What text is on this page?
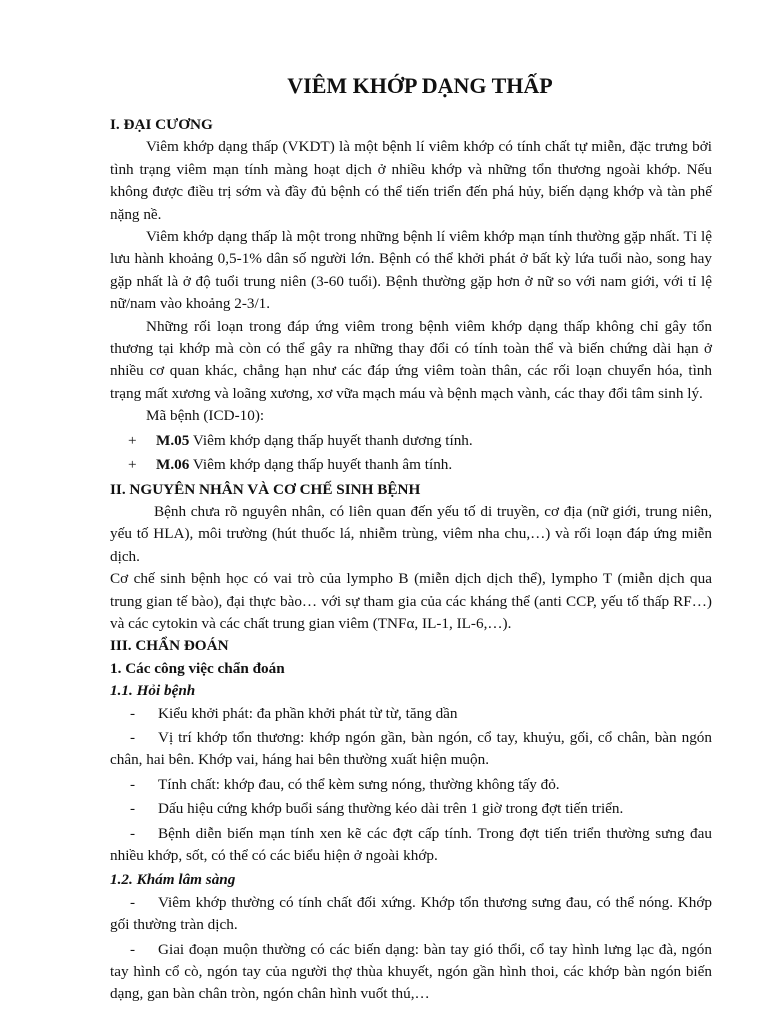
VIÊM KHỚP DẠNG THẤP
I. ĐẠI CƯƠNG

Viêm khớp dạng thấp (VKDT) là một bệnh lí viêm khớp có tính chất tự miễn, đặc trưng bởi tình trạng viêm mạn tính màng hoạt dịch ở nhiều khớp và những tổn thương ngoài khớp. Nếu không được điều trị sớm và đầy đủ bệnh có thể tiến triển đến phá hủy, biến dạng khớp và tàn phế nặng nề.

Viêm khớp dạng thấp là một trong những bệnh lí viêm khớp mạn tính thường gặp nhất. Tỉ lệ lưu hành khoảng 0,5-1% dân số người lớn. Bệnh có thể khởi phát ở bất kỳ lứa tuổi nào, song hay gặp nhất là ở độ tuổi trung niên (3-60 tuổi). Bệnh thường gặp hơn ở nữ so với nam giới, với tỉ lệ nữ/nam vào khoảng 2-3/1.

Những rối loạn trong đáp ứng viêm trong bệnh viêm khớp dạng thấp không chỉ gây tổn thương tại khớp mà còn có thể gây ra những thay đổi có tính toàn thể và biến chứng dài hạn ở nhiều cơ quan khác, chẳng hạn như các đáp ứng viêm toàn thân, các rối loạn chuyển hóa, tình trạng mất xương và loãng xương, xơ vữa mạch máu và bệnh mạch vành, các thay đổi tâm sinh lý.

Mã bệnh (ICD-10):

+ M.05 Viêm khớp dạng thấp huyết thanh dương tính.
+ M.06 Viêm khớp dạng thấp huyết thanh âm tính.
II. NGUYÊN NHÂN VÀ CƠ CHẾ SINH BỆNH

Bệnh chưa rõ nguyên nhân, có liên quan đến yếu tố di truyền, cơ địa (nữ giới, trung niên, yếu tố HLA), môi trường (hút thuốc lá, nhiễm trùng, viêm nha chu,…) và rối loạn đáp ứng miễn dịch.

Cơ chế sinh bệnh học có vai trò của lympho B (miễn dịch dịch thể), lympho T (miễn dịch qua trung gian tế bào), đại thực bào… với sự tham gia của các kháng thể (anti CCP, yếu tố thấp RF…) và các cytokin và các chất trung gian viêm (TNFα, IL-1, IL-6,…).

III. CHẨN ĐOÁN
1. Các công việc chẩn đoán
1.1. Hỏi bệnh

- Kiểu khởi phát: đa phần khởi phát từ từ, tăng dần

- Vị trí khớp tổn thương: khớp ngón gần, bàn ngón, cổ tay, khuỷu, gối, cổ chân, bàn ngón chân, hai bên. Khớp vai, háng hai bên thường xuất hiện muộn.

- Tính chất: khớp đau, có thể kèm sưng nóng, thường không tấy đỏ.

- Dấu hiệu cứng khớp buổi sáng thường kéo dài trên 1 giờ trong đợt tiến triển.

- Bệnh diễn biến mạn tính xen kẽ các đợt cấp tính. Trong đợt tiến triển thường sưng đau nhiều khớp, sốt, có thể có các biểu hiện ở ngoài khớp.

1.2. Khám lâm sàng

- Viêm khớp thường có tính chất đối xứng. Khớp tổn thương sưng đau, có thể nóng. Khớp gối thường tràn dịch.

- Giai đoạn muộn thường có các biến dạng: bàn tay gió thổi, cổ tay hình lưng lạc đà, ngón tay hình cổ cò, ngón tay của người thợ thùa khuyết, ngón gần hình thoi, các khớp bàn ngón biến dạng, gan bàn chân tròn, ngón chân hình vuốt thú,…
